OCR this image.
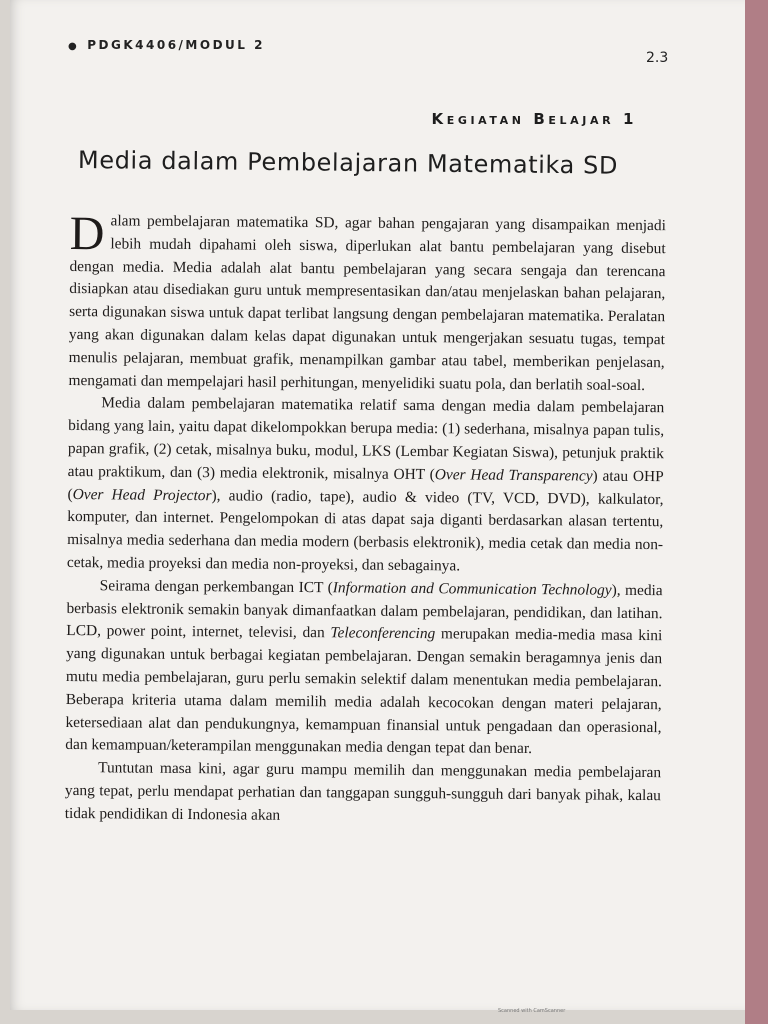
● PDGK4406/MODUL 2
2.3
Kegiatan Belajar 1
Media dalam Pembelajaran Matematika SD

Dalam pembelajaran matematika SD, agar bahan pengajaran yang disampaikan menjadi lebih mudah dipahami oleh siswa, diperlukan alat bantu pembelajaran yang disebut dengan media. Media adalah alat bantu pembelajaran yang secara sengaja dan terencana disiapkan atau disediakan guru untuk mempresentasikan dan/atau menjelaskan bahan pelajaran, serta digunakan siswa untuk dapat terlibat langsung dengan pembelajaran matematika. Peralatan yang akan digunakan dalam kelas dapat digunakan untuk mengerjakan sesuatu tugas, tempat menulis pelajaran, membuat grafik, menampilkan gambar atau tabel, memberikan penjelasan, mengamati dan mempelajari hasil perhitungan, menyelidiki suatu pola, dan berlatih soal-soal.

Media dalam pembelajaran matematika relatif sama dengan media dalam pembelajaran bidang yang lain, yaitu dapat dikelompokkan berupa media: (1) sederhana, misalnya papan tulis, papan grafik, (2) cetak, misalnya buku, modul, LKS (Lembar Kegiatan Siswa), petunjuk praktik atau praktikum, dan (3) media elektronik, misalnya OHT (Over Head Transparency) atau OHP (Over Head Projector), audio (radio, tape), audio & video (TV, VCD, DVD), kalkulator, komputer, dan internet. Pengelompokan di atas dapat saja diganti berdasarkan alasan tertentu, misalnya media sederhana dan media modern (berbasis elektronik), media cetak dan media non-cetak, media proyeksi dan media non-proyeksi, dan sebagainya.

Seirama dengan perkembangan ICT (Information and Communication Technology), media berbasis elektronik semakin banyak dimanfaatkan dalam pembelajaran, pendidikan, dan latihan. LCD, power point, internet, televisi, dan Teleconferencing merupakan media-media masa kini yang digunakan untuk berbagai kegiatan pembelajaran. Dengan semakin beragamnya jenis dan mutu media pembelajaran, guru perlu semakin selektif dalam menentukan media pembelajaran. Beberapa kriteria utama dalam memilih media adalah kecocokan dengan materi pelajaran, ketersediaan alat dan pendukungnya, kemampuan finansial untuk pengadaan dan operasional, dan kemampuan/keterampilan menggunakan media dengan tepat dan benar.

Tuntutan masa kini, agar guru mampu memilih dan menggunakan media pembelajaran yang tepat, perlu mendapat perhatian dan tanggapan sungguh-sungguh dari banyak pihak, kalau tidak pendidikan di Indonesia akan

Scanned with CamScanner
